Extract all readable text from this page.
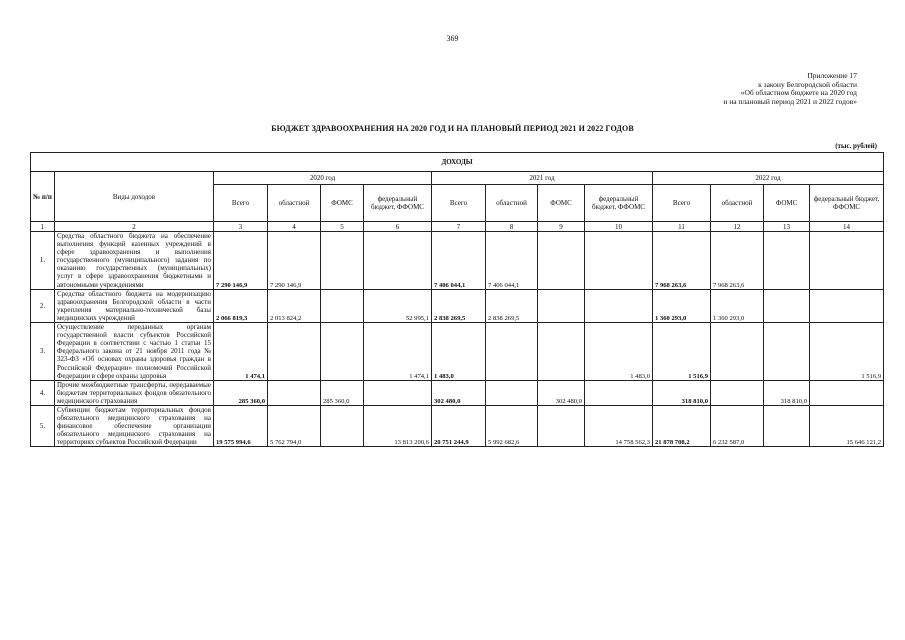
369
Приложение 17
к закону Белгородской области
«Об областном бюджете на 2020 год
и на плановый период 2021 и 2022 годов»
БЮДЖЕТ ЗДРАВООХРАНЕНИЯ НА 2020 ГОД И НА ПЛАНОВЫЙ ПЕРИОД 2021 И 2022 ГОДОВ
(тыс. рублей)
ДОХОДЫ													
№ п/п	Виды доходов	2020 год				2021 год				2022 год			
		Всего	областной	ФОМС	федеральный бюджет, ФФОМС	Всего	областной	ФОМС	федеральный бюджет, ФФОМС	Всего	областной	ФОМС	федеральный бюджет, ФФОМС
1	2	3	4	5	6	7	8	9	10	11	12	13	14
1.	Средства областного бюджета на обеспечение выполнения функций казенных учреждений в сфере здравоохранения и выполнения государственного (муниципального) задания по оказанию государственных (муниципальных) услуг в сфере здравоохранения бюджетными и автономными учреждениями	7 290 146,9	7 290 146,9			7 406 044,1	7 406 044,1			7 968 263,6	7 968 263,6		
2.	Средства областного бюджета на модернизацию здравоохранения Белгородской области в части укрепления материально-технической базы медицинских учреждений	2 066 819,3	2 013 824,2		52 995,1	2 838 269,5	2 838 269,5			1 360 293,0	1 360 293,0		
3.	Осуществление переданных органам государственной власти субъектов Российской Федерации в соответствии с частью 1 статьи 15 Федерального закона от 21 ноября 2011 года № 323-ФЗ «Об основах охраны здоровья граждан в Российской Федерации» полномочий Российской Федерации в сфере охраны здоровья	1 474,1			1 474,1	1 483,0			1 483,0	1 516,9			1 516,9
4.	Прочие межбюджетные трансферты, передаваемые бюджетам территориальных фондов обязательного медицинского страхования	285 360,0		285 360,0		302 480,0		302 480,0		318 810,0		318 810,0	
5.	Субвенции бюджетам территориальных фондов обязательного медицинского страхования на финансовое обеспечение организации обязательного медицинского страхования на территориях субъектов Российской Федерации	19 575 994,6	5 762 794,0		13 813 200,6	20 751 244,9	5 992 682,6		14 758 562,3	21 878 708,2	6 232 587,0		15 646 121,2
